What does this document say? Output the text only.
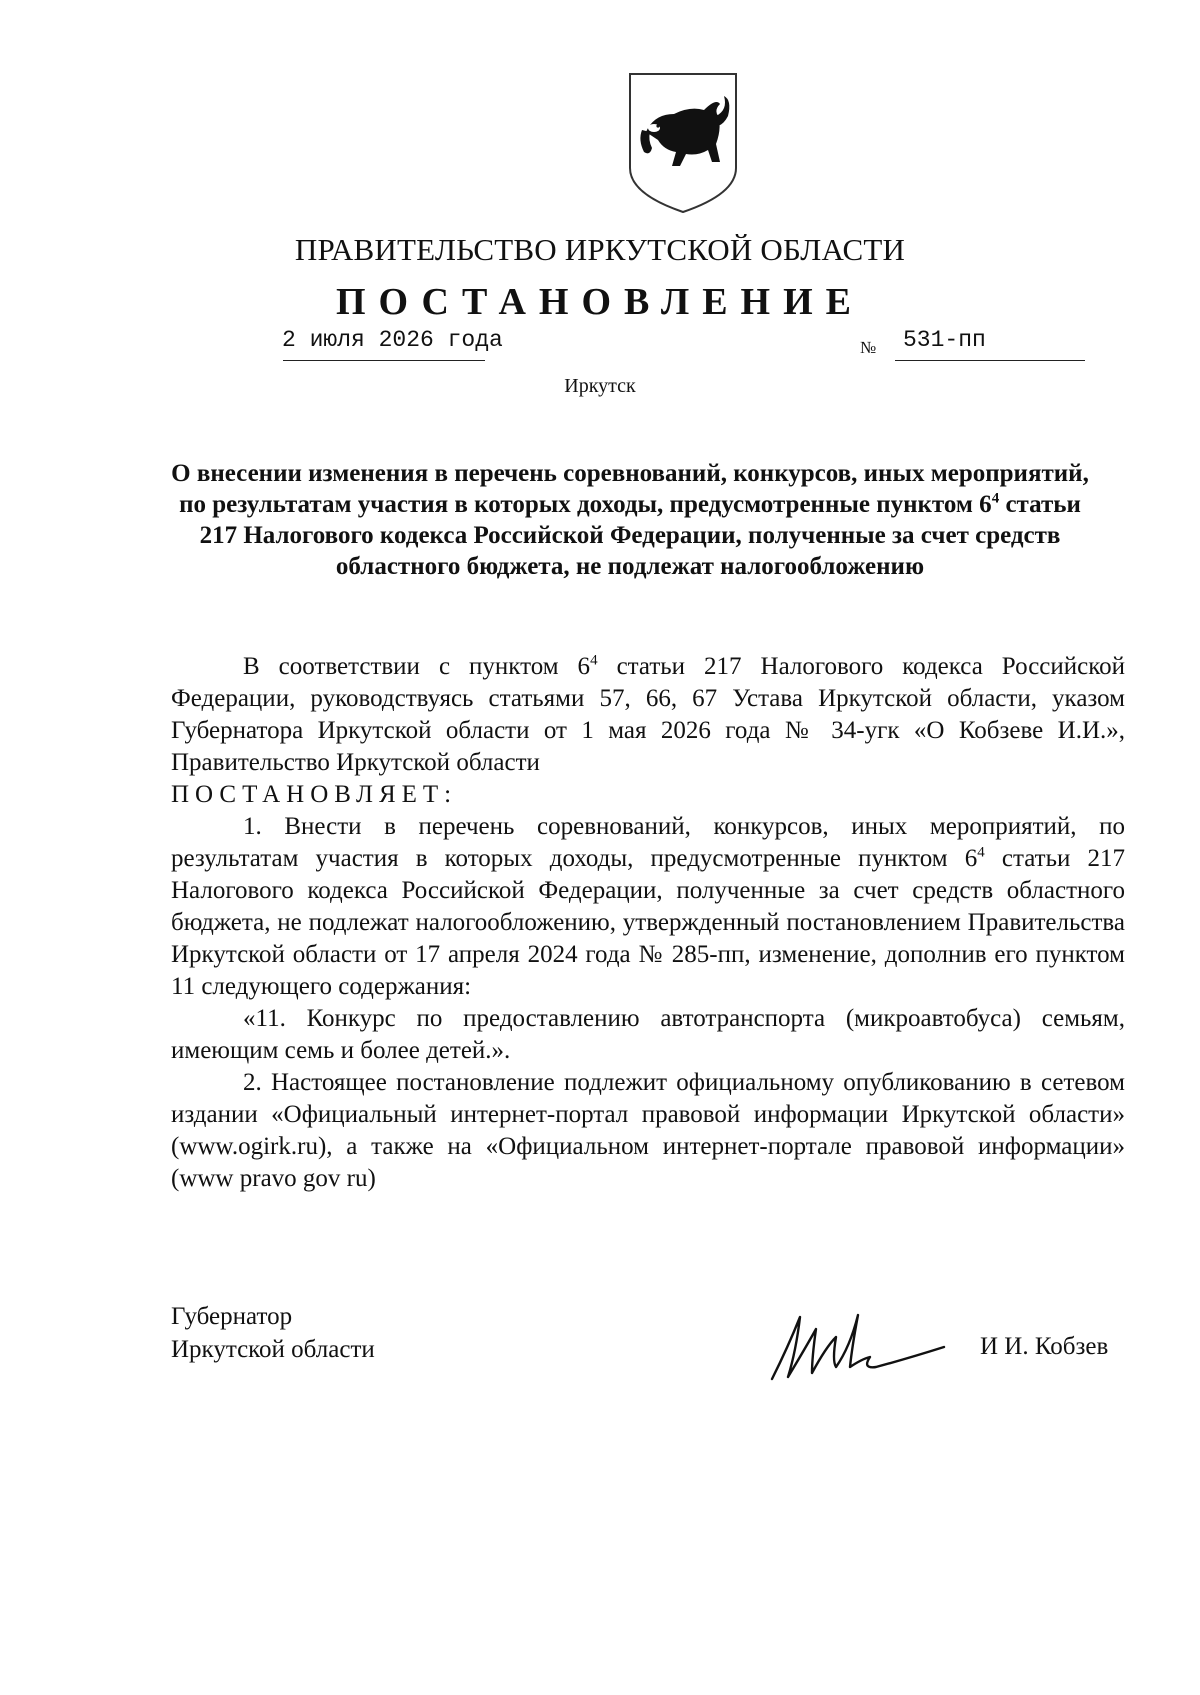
ПРАВИТЕЛЬСТВО ИРКУТСКОЙ ОБЛАСТИ
ПОСТАНОВЛЕНИЕ
2 июля 2026 года	№ 531-пп
Иркутск
О внесении изменения в перечень соревнований, конкурсов, иных мероприятий, по результатам участия в которых доходы, предусмотренные пунктом $6^4$ статьи 217 Налогового кодекса Российской Федерации, полученные за счет средств областного бюджета, не подлежат налогообложению

В соответствии с пунктом $6^4$ статьи 217 Налогового кодекса Российской Федерации, руководствуясь статьями 57, 66, 67 Устава Иркутской области, указом Губернатора Иркутской области от 1 мая 2026 года № 34-угк «О Кобзеве И.И.», Правительство Иркутской области

ПОСТАНОВЛЯЕТ:

1. Внести в перечень соревнований, конкурсов, иных мероприятий, по результатам участия в которых доходы, предусмотренные пунктом $6^4$ статьи 217 Налогового кодекса Российской Федерации, полученные за счет средств областного бюджета, не подлежат налогообложению, утвержденный постановлением Правительства Иркутской области от 17 апреля 2024 года № 285-пп, изменение, дополнив его пунктом 11 следующего содержания:

«11. Конкурс по предоставлению автотранспорта (микроавтобуса) семьям, имеющим семь и более детей.».

2. Настоящее постановление подлежит официальному опубликованию в сетевом издании «Официальный интернет-портал правовой информации Иркутской области» (www.ogirk.ru), а также на «Официальном интернет-портале правовой информации» (www pravo gov ru)

Губернатор
Иркутской области	И И. Кобзев
